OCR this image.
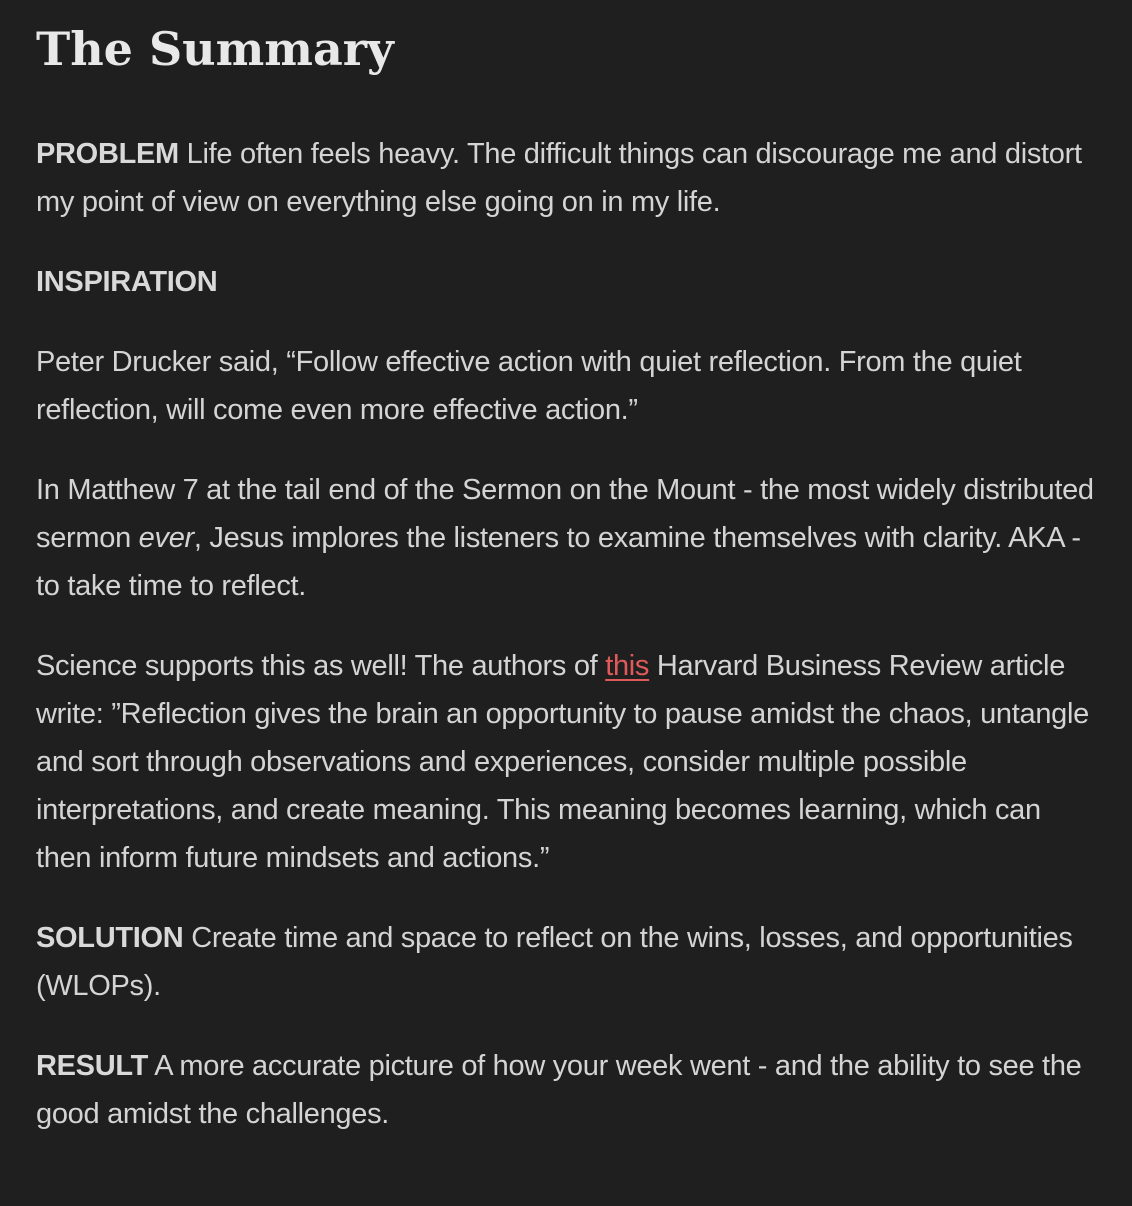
The Summary

PROBLEM Life often feels heavy. The difficult things can discourage me and distort my point of view on everything else going on in my life.

INSPIRATION

Peter Drucker said, “Follow effective action with quiet reflection. From the quiet reflection, will come even more effective action.”

In Matthew 7 at the tail end of the Sermon on the Mount - the most widely distributed sermon ever, Jesus implores the listeners to examine themselves with clarity. AKA - to take time to reflect.

Science supports this as well! The authors of this Harvard Business Review article write: ”Reflection gives the brain an opportunity to pause amidst the chaos, untangle and sort through observations and experiences, consider multiple possible interpretations, and create meaning. This meaning becomes learning, which can then inform future mindsets and actions.”

SOLUTION Create time and space to reflect on the wins, losses, and opportunities (WLOPs).

RESULT A more accurate picture of how your week went - and the ability to see the good amidst the challenges.
